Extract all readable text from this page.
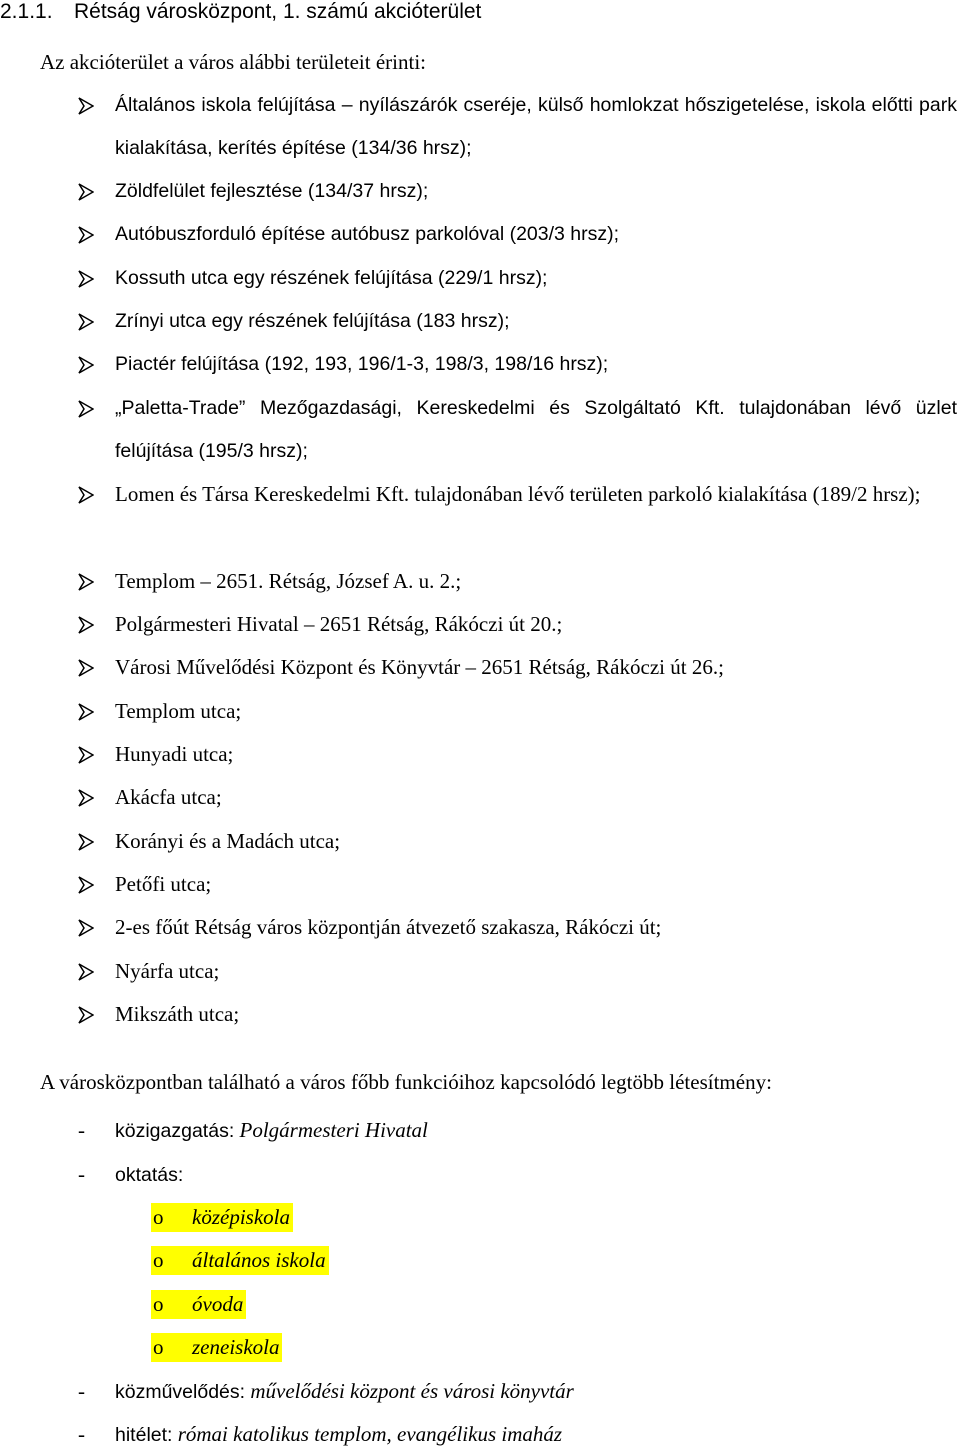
2.1.1. Rétság városközpont, 1. számú akcióterület
Az akcióterület a város alábbi területeit érinti:
Általános iskola felújítása – nyílászárók cseréje, külső homlokzat hőszigetelése, iskola előtti park kialakítása, kerítés építése (134/36 hrsz);
Zöldfelület fejlesztése (134/37 hrsz);
Autóbuszforduló építése autóbusz parkolóval (203/3 hrsz);
Kossuth utca egy részének felújítása (229/1 hrsz);
Zrínyi utca egy részének felújítása (183 hrsz);
Piactér felújítása (192, 193, 196/1-3, 198/3, 198/16 hrsz);
„Paletta-Trade” Mezőgazdasági, Kereskedelmi és Szolgáltató Kft. tulajdonában lévő üzlet felújítása (195/3 hrsz);
Lomen és Társa Kereskedelmi Kft. tulajdonában lévő területen parkoló kialakítása (189/2 hrsz);
Templom – 2651. Rétság, József A. u. 2.;
Polgármesteri Hivatal – 2651 Rétság, Rákóczi út 20.;
Városi Művelődési Központ és Könyvtár – 2651 Rétság, Rákóczi út 26.;
Templom utca;
Hunyadi utca;
Akácfa utca;
Korányi és a Madách utca;
Petőfi utca;
2-es főút Rétság város központján átvezető szakasza, Rákóczi út;
Nyárfa utca;
Mikszáth utca;
A városközpontban található a város főbb funkcióihoz kapcsolódó legtöbb létesítmény:
-	közigazgatás: Polgármesteri Hivatal
-	oktatás:
o középiskola
o általános iskola
o óvoda
o zeneiskola
-	közművelődés: művelődési központ és városi könyvtár
-	hitélet: római katolikus templom, evangélikus imaház
